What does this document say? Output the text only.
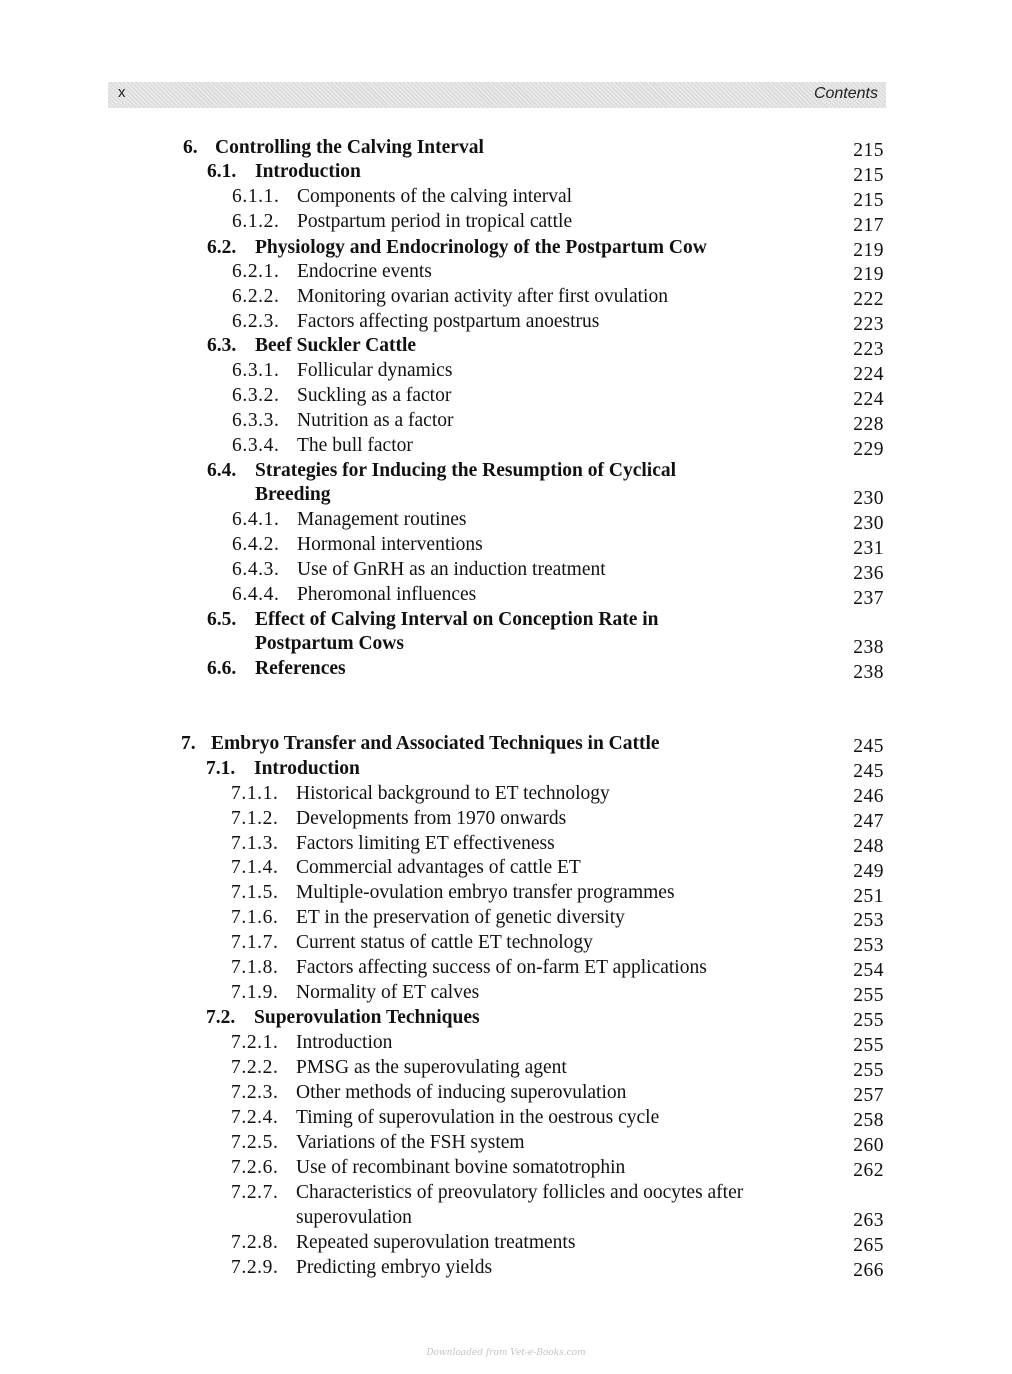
x	Contents
6. Controlling the Calving Interval	215
6.1. Introduction	215
6.1.1. Components of the calving interval	215
6.1.2. Postpartum period in tropical cattle	217
6.2. Physiology and Endocrinology of the Postpartum Cow	219
6.2.1. Endocrine events	219
6.2.2. Monitoring ovarian activity after first ovulation	222
6.2.3. Factors affecting postpartum anoestrus	223
6.3. Beef Suckler Cattle	223
6.3.1. Follicular dynamics	224
6.3.2. Suckling as a factor	224
6.3.3. Nutrition as a factor	228
6.3.4. The bull factor	229
6.4. Strategies for Inducing the Resumption of Cyclical
Breeding	230
6.4.1. Management routines	230
6.4.2. Hormonal interventions	231
6.4.3. Use of GnRH as an induction treatment	236
6.4.4. Pheromonal influences	237
6.5. Effect of Calving Interval on Conception Rate in
Postpartum Cows	238
6.6. References	238
7. Embryo Transfer and Associated Techniques in Cattle	245
7.1. Introduction	245
7.1.1. Historical background to ET technology	246
7.1.2. Developments from 1970 onwards	247
7.1.3. Factors limiting ET effectiveness	248
7.1.4. Commercial advantages of cattle ET	249
7.1.5. Multiple-ovulation embryo transfer programmes	251
7.1.6. ET in the preservation of genetic diversity	253
7.1.7. Current status of cattle ET technology	253
7.1.8. Factors affecting success of on-farm ET applications	254
7.1.9. Normality of ET calves	255
7.2. Superovulation Techniques	255
7.2.1. Introduction	255
7.2.2. PMSG as the superovulating agent	255
7.2.3. Other methods of inducing superovulation	257
7.2.4. Timing of superovulation in the oestrous cycle	258
7.2.5. Variations of the FSH system	260
7.2.6. Use of recombinant bovine somatotrophin	262
7.2.7. Characteristics of preovulatory follicles and oocytes after
superovulation	263
7.2.8. Repeated superovulation treatments	265
7.2.9. Predicting embryo yields	266
Downloaded from Vet-e-Books.com
